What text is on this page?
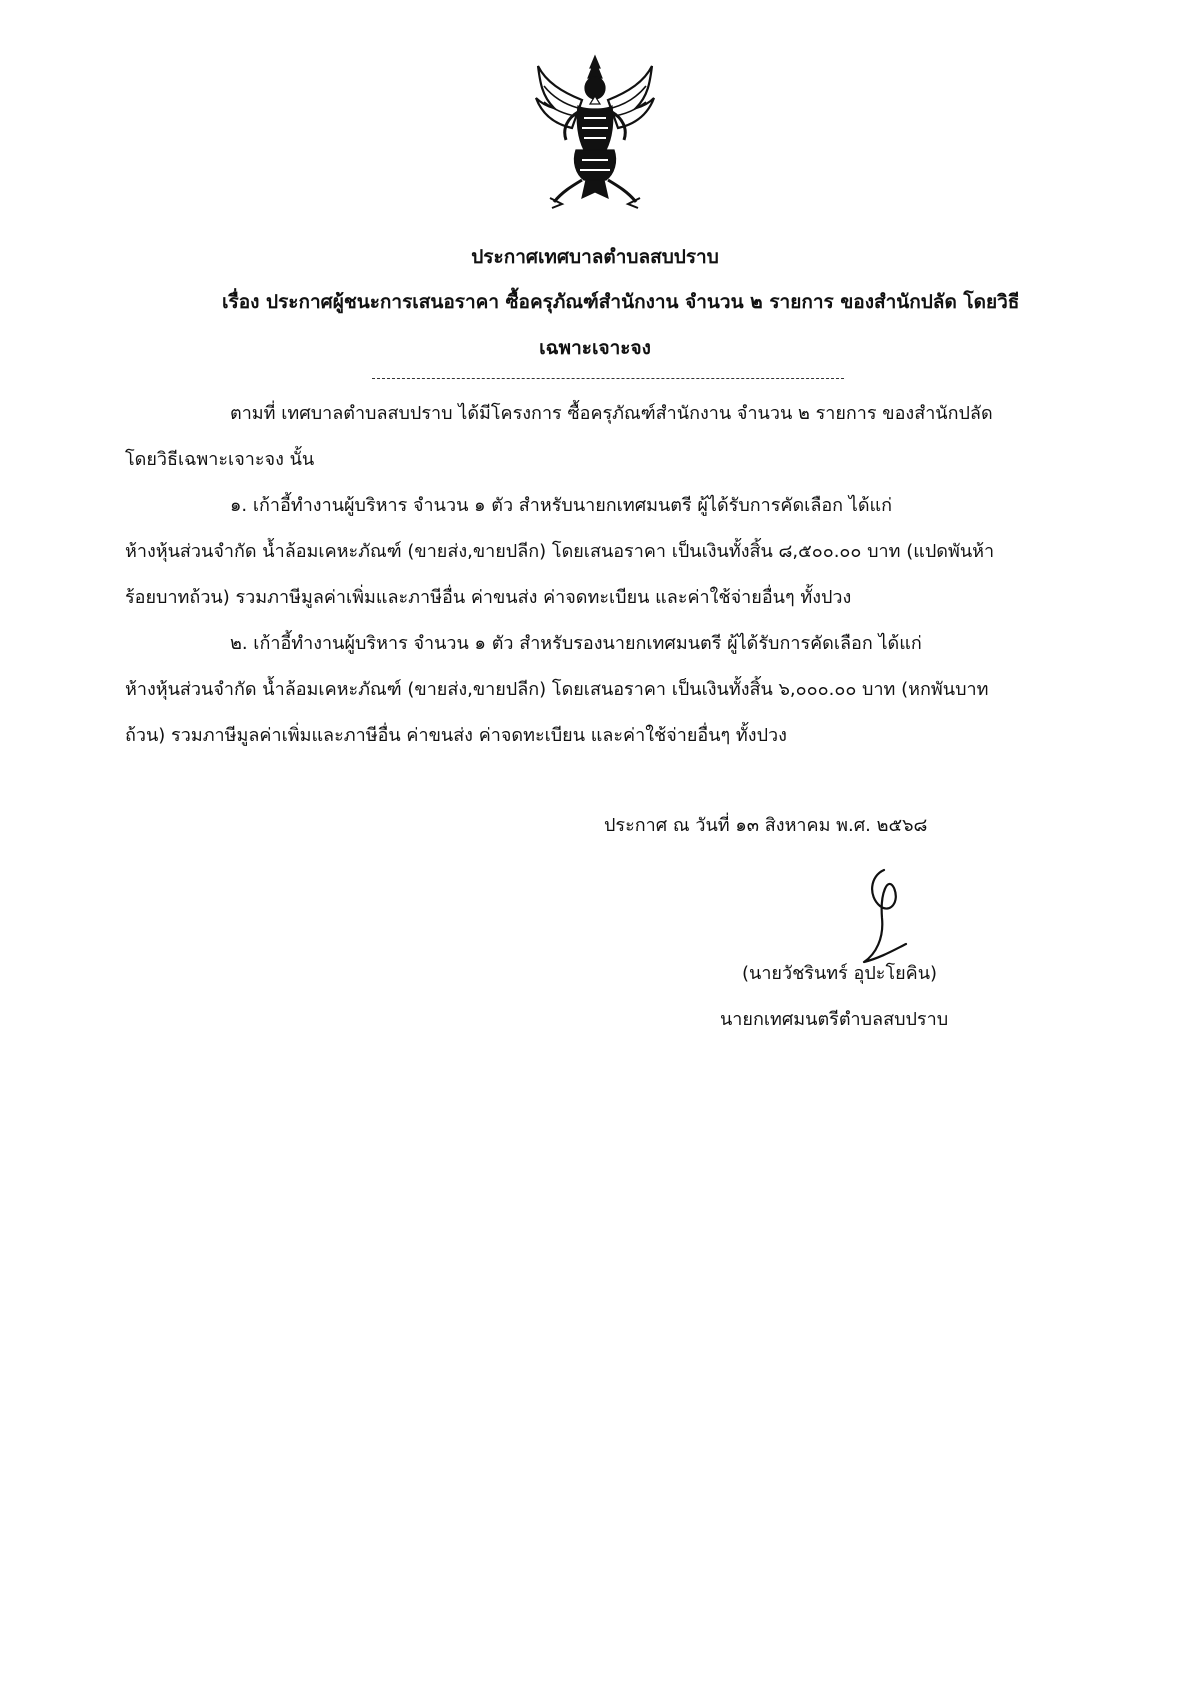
ประกาศเทศบาลตำบลสบปราบ
เรื่อง ประกาศผู้ชนะการเสนอราคา ซื้อครุภัณฑ์สำนักงาน จำนวน ๒ รายการ ของสำนักปลัด โดยวิธี
เฉพาะเจาะจง
ตามที่ เทศบาลตำบลสบปราบ ได้มีโครงการ ซื้อครุภัณฑ์สำนักงาน จำนวน ๒ รายการ ของสำนักปลัด
โดยวิธีเฉพาะเจาะจง นั้น
๑. เก้าอี้ทำงานผู้บริหาร จำนวน ๑ ตัว สำหรับนายกเทศมนตรี ผู้ได้รับการคัดเลือก ได้แก่
ห้างหุ้นส่วนจำกัด น้ำล้อมเคหะภัณฑ์ (ขายส่ง,ขายปลีก) โดยเสนอราคา เป็นเงินทั้งสิ้น ๘,๕๐๐.๐๐ บาท (แปดพันห้า
ร้อยบาทถ้วน) รวมภาษีมูลค่าเพิ่มและภาษีอื่น ค่าขนส่ง ค่าจดทะเบียน และค่าใช้จ่ายอื่นๆ ทั้งปวง
๒. เก้าอี้ทำงานผู้บริหาร จำนวน ๑ ตัว สำหรับรองนายกเทศมนตรี ผู้ได้รับการคัดเลือก ได้แก่
ห้างหุ้นส่วนจำกัด น้ำล้อมเคหะภัณฑ์ (ขายส่ง,ขายปลีก) โดยเสนอราคา เป็นเงินทั้งสิ้น ๖,๐๐๐.๐๐ บาท (หกพันบาท
ถ้วน) รวมภาษีมูลค่าเพิ่มและภาษีอื่น ค่าขนส่ง ค่าจดทะเบียน และค่าใช้จ่ายอื่นๆ ทั้งปวง
ประกาศ ณ วันที่ ๑๓ สิงหาคม พ.ศ. ๒๕๖๘
(นายวัชรินทร์ อุปะโยคิน)
นายกเทศมนตรีตำบลสบปราบ
